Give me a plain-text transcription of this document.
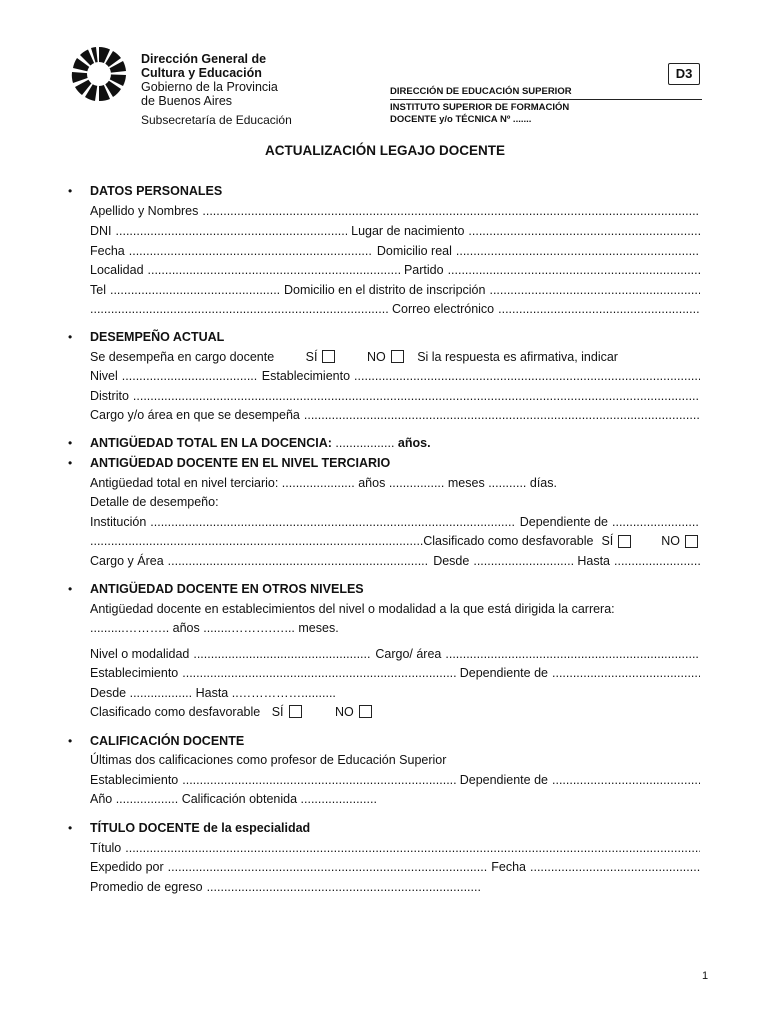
Dirección General de
Cultura y Educación
Gobierno de la Provincia
de Buenos Aires
Subsecretaría de Educación
D3
DIRECCIÓN DE EDUCACIÓN SUPERIOR
INSTITUTO SUPERIOR DE FORMACIÓN
DOCENTE y/o TÉCNICA Nº .......
ACTUALIZACIÓN LEGAJO DOCENTE
• DATOS PERSONALES
Apellido y Nombres
.....
DNI .....	Lugar de nacimiento
.....
Fecha .....	Domicilio real
.....
Localidad .....	Partido
.....
Tel .....	Domicilio en el distrito de inscripción
.....
.....
Correo electrónico
.....
• DESEMPEÑO ACTUAL
Se desempeña en cargo docente	SÍ	NO	Si la respuesta es afirmativa, indicar
Nivel .....	Establecimiento
.....
Distrito
.....
Cargo y/o área en que se desempeña
.....
• ANTIGÜEDAD TOTAL EN LA DOCENCIA: ................. años.
• ANTIGÜEDAD DOCENTE EN EL NIVEL TERCIARIO
Antigüedad total en nivel terciario: ..................... años ................ meses ........... días.
Detalle de desempeño:
Institución .....	Dependiente de
.....
.....
Clasificado como desfavorable SÍ	NO
Cargo y Área .....	Desde .....	Hasta
.....
• ANTIGÜEDAD DOCENTE EN OTROS NIVELES
Antigüedad docente en establecimientos del nivel o modalidad a la que está dirigida la carrera:
..........……….. años ........……….…... meses.
Nivel o modalidad .....	Cargo/ área
.....
Establecimiento .....	Dependiente de
.....
Desde .................. Hasta ..……………..........
Clasificado como desfavorable SÍ	NO
• CALIFICACIÓN DOCENTE
Últimas dos calificaciones como profesor de Educación Superior
Establecimiento .....	Dependiente de
.....
Año .................. Calificación obtenida ......................
• TÍTULO DOCENTE de la especialidad
Título
.....
Expedido por .....	Fecha
.....
Promedio de egreso
.....
1
